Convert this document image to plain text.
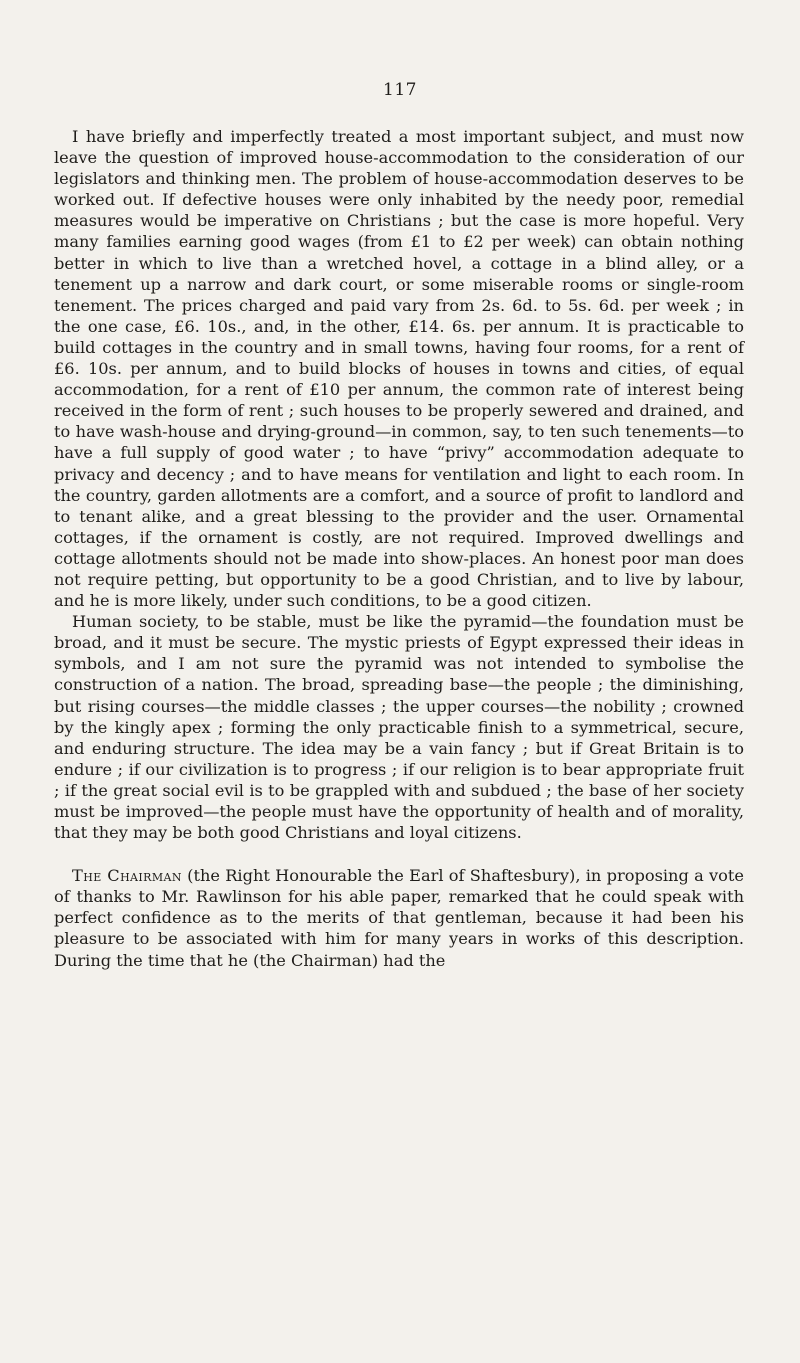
117

I have briefly and imperfectly treated a most important subject, and must now leave the question of improved house-accommodation to the consideration of our legislators and thinking men. The problem of house-accommodation deserves to be worked out. If defective houses were only inhabited by the needy poor, remedial measures would be imperative on Christians ; but the case is more hopeful. Very many families earning good wages (from £1 to £2 per week) can obtain nothing better in which to live than a wretched hovel, a cottage in a blind alley, or a tenement up a narrow and dark court, or some miserable rooms or single-room tenement. The prices charged and paid vary from 2s. 6d. to 5s. 6d. per week ; in the one case, £6. 10s., and, in the other, £14. 6s. per annum. It is practicable to build cottages in the country and in small towns, having four rooms, for a rent of £6. 10s. per annum, and to build blocks of houses in towns and cities, of equal accommodation, for a rent of £10 per annum, the common rate of interest being received in the form of rent ; such houses to be properly sewered and drained, and to have wash-house and drying-ground—in common, say, to ten such tenements—to have a full supply of good water ; to have “privy” accommodation adequate to privacy and decency ; and to have means for ventilation and light to each room. In the country, garden allotments are a comfort, and a source of profit to landlord and to tenant alike, and a great blessing to the provider and the user. Ornamental cottages, if the ornament is costly, are not required. Improved dwellings and cottage allotments should not be made into show-places. An honest poor man does not require petting, but opportunity to be a good Christian, and to live by labour, and he is more likely, under such conditions, to be a good citizen.

Human society, to be stable, must be like the pyramid—the foundation must be broad, and it must be secure. The mystic priests of Egypt expressed their ideas in symbols, and I am not sure the pyramid was not intended to symbolise the construction of a nation. The broad, spreading base—the people ; the diminishing, but rising courses—the middle classes ; the upper courses—the nobility ; crowned by the kingly apex ; forming the only practicable finish to a symmetrical, secure, and enduring structure. The idea may be a vain fancy ; but if Great Britain is to endure ; if our civilization is to progress ; if our religion is to bear appropriate fruit ; if the great social evil is to be grappled with and subdued ; the base of her society must be improved—the people must have the opportunity of health and of morality, that they may be both good Christians and loyal citizens.

The Chairman (the Right Honourable the Earl of Shaftesbury), in proposing a vote of thanks to Mr. Rawlinson for his able paper, remarked that he could speak with perfect confidence as to the merits of that gentleman, because it had been his pleasure to be associated with him for many years in works of this description. During the time that he (the Chairman) had the
